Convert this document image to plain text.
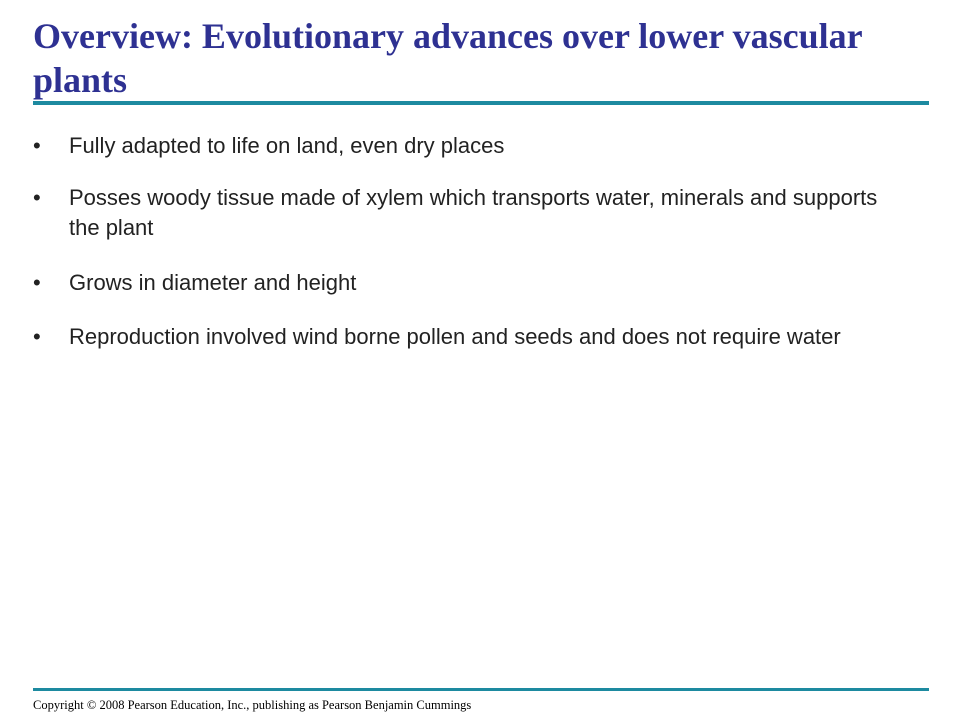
Overview: Evolutionary advances over lower vascular plants
• Fully adapted to life on land, even dry places
• Posses woody tissue made of xylem which transports water, minerals and supports the plant
• Grows in diameter and height
• Reproduction involved wind borne pollen and seeds and does not require water
Copyright © 2008 Pearson Education, Inc., publishing as Pearson Benjamin Cummings
